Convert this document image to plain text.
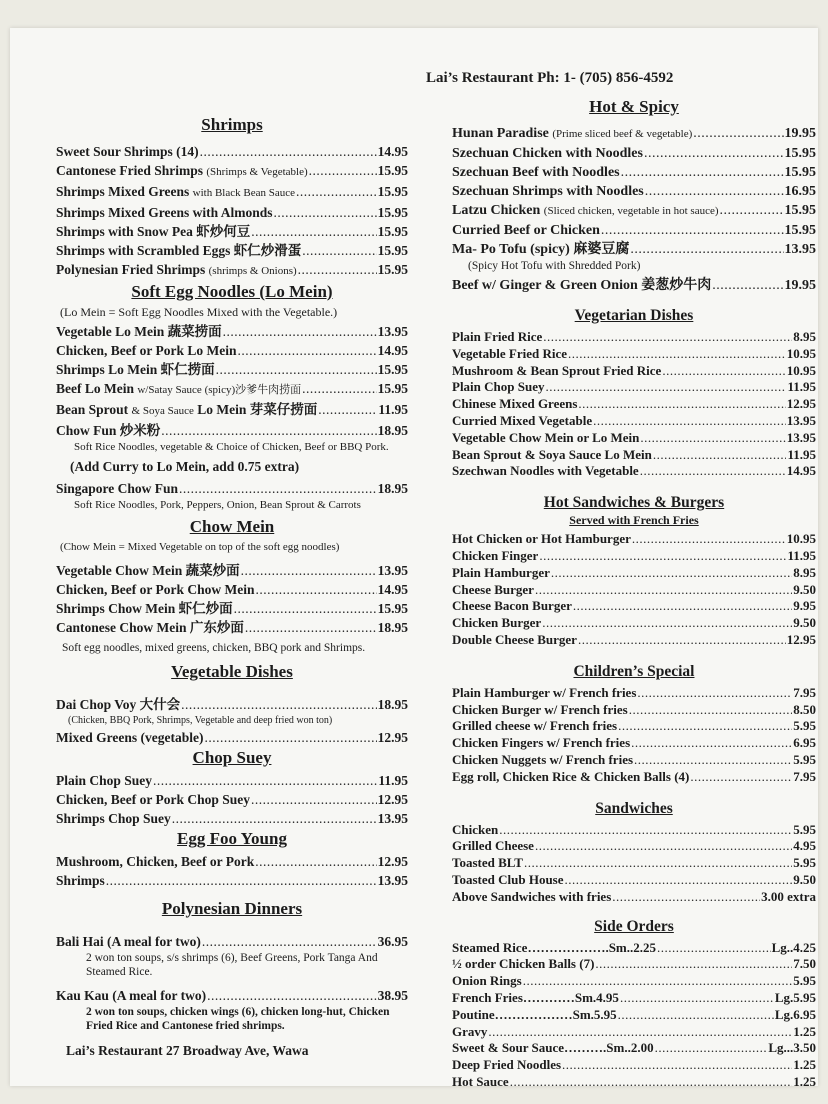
Lai’s Restaurant Ph: 1- (705) 856-4592
Shrimps
Sweet Sour Shrimps (14) .....	14.95
Cantonese Fried Shrimps (Shrimps & Vegetable) .....	15.95
Shrimps Mixed Greens with Black Bean Sauce .....	15.95
Shrimps Mixed Greens with Almonds .....	15.95
Shrimps with Snow Pea 虾炒何豆 .....	15.95
Shrimps with Scrambled Eggs 虾仁炒滑蛋 .....	15.95
Polynesian Fried Shrimps (shrimps & Onions) .....	15.95
Soft Egg Noodles (Lo Mein)
(Lo Mein = Soft Egg Noodles Mixed with the Vegetable.)
Vegetable Lo Mein 蔬菜捞面 .....	13.95
Chicken, Beef or Pork Lo Mein .....	14.95
Shrimps Lo Mein 虾仁捞面 .....	15.95
Beef Lo Mein w/Satay Sauce (spicy)沙爹牛肉捞面 .....	15.95
Bean Sprout & Soya Sauce Lo Mein 芽菜仔捞面 .....	11.95
Chow Fun 炒米粉 .....	18.95
Soft Rice Noodles, vegetable & Choice of Chicken, Beef or BBQ Pork.
(Add Curry to Lo Mein, add 0.75 extra)
Singapore Chow Fun .....	18.95
Soft Rice Noodles, Pork, Peppers, Onion, Bean Sprout & Carrots
Chow Mein
(Chow Mein = Mixed Vegetable on top of the soft egg noodles)
Vegetable Chow Mein 蔬菜炒面 .....	13.95
Chicken, Beef or Pork Chow Mein .....	14.95
Shrimps Chow Mein 虾仁炒面 .....	15.95
Cantonese Chow Mein 广东炒面 .....	18.95
Soft egg noodles, mixed greens, chicken, BBQ pork and Shrimps.
Vegetable Dishes
Dai Chop Voy 大什会 .....	18.95
(Chicken, BBQ Pork, Shrimps, Vegetable and deep fried won ton)
Mixed Greens (vegetable) .....	12.95
Chop Suey
Plain Chop Suey .....	11.95
Chicken, Beef or Pork Chop Suey .....	12.95
Shrimps Chop Suey .....	13.95
Egg Foo Young
Mushroom, Chicken, Beef or Pork .....	12.95
Shrimps .....	13.95
Polynesian Dinners
Bali Hai (A meal for two) .....	36.95
2 won ton soups, s/s shrimps (6), Beef Greens, Pork Tanga And Steamed Rice.
Kau Kau (A meal for two) .....	38.95
2 won ton soups, chicken wings (6), chicken long-hut, Chicken Fried Rice and Cantonese fried shrimps.
Lai’s Restaurant 27 Broadway Ave, Wawa
Hot & Spicy
Hunan Paradise (Prime sliced beef & vegetable) .....	19.95
Szechuan Chicken with Noodles .....	15.95
Szechuan Beef with Noodles .....	15.95
Szechuan Shrimps with Noodles .....	16.95
Latzu Chicken (Sliced chicken, vegetable in hot sauce) .....	15.95
Curried Beef or Chicken .....	15.95
Ma- Po Tofu (spicy) 麻婆豆腐 .....	13.95
(Spicy Hot Tofu with Shredded Pork)
Beef w/ Ginger & Green Onion 姜葱炒牛肉 .....	19.95
Vegetarian Dishes
Plain Fried Rice .....	8.95
Vegetable Fried Rice .....	10.95
Mushroom & Bean Sprout Fried Rice .....	10.95
Plain Chop Suey .....	11.95
Chinese Mixed Greens .....	12.95
Curried Mixed Vegetable .....	13.95
Vegetable Chow Mein or Lo Mein .....	13.95
Bean Sprout & Soya Sauce Lo Mein .....	11.95
Szechwan Noodles with Vegetable .....	14.95
Hot Sandwiches & Burgers
Served with French Fries
Hot Chicken or Hot Hamburger .....	10.95
Chicken Finger .....	11.95
Plain Hamburger .....	8.95
Cheese Burger .....	9.50
Cheese Bacon Burger .....	9.95
Chicken Burger .....	9.50
Double Cheese Burger .....	12.95
Children’s Special
Plain Hamburger w/ French fries .....	7.95
Chicken Burger w/ French fries .....	8.50
Grilled cheese w/ French fries .....	5.95
Chicken Fingers w/ French fries .....	6.95
Chicken Nuggets w/ French fries .....	5.95
Egg roll, Chicken Rice & Chicken Balls (4) .....	7.95
Sandwiches
Chicken .....	5.95
Grilled Cheese .....	4.95
Toasted BLT .....	5.95
Toasted Club House .....	9.50
Above Sandwiches with fries .....	3.00 extra
Side Orders
Steamed Rice……………….Sm..2.25 .....	Lg..4.25
½ order Chicken Balls (7) .....	7.50
Onion Rings .....	5.95
French Fries…………Sm.4.95 .....	Lg.5.95
Poutine………………Sm.5.95 .....	Lg.6.95
Gravy .....	1.25
Sweet & Sour Sauce……….Sm..2.00 .....	Lg...3.50
Deep Fried Noodles .....	1.25
Hot Sauce .....	1.25
